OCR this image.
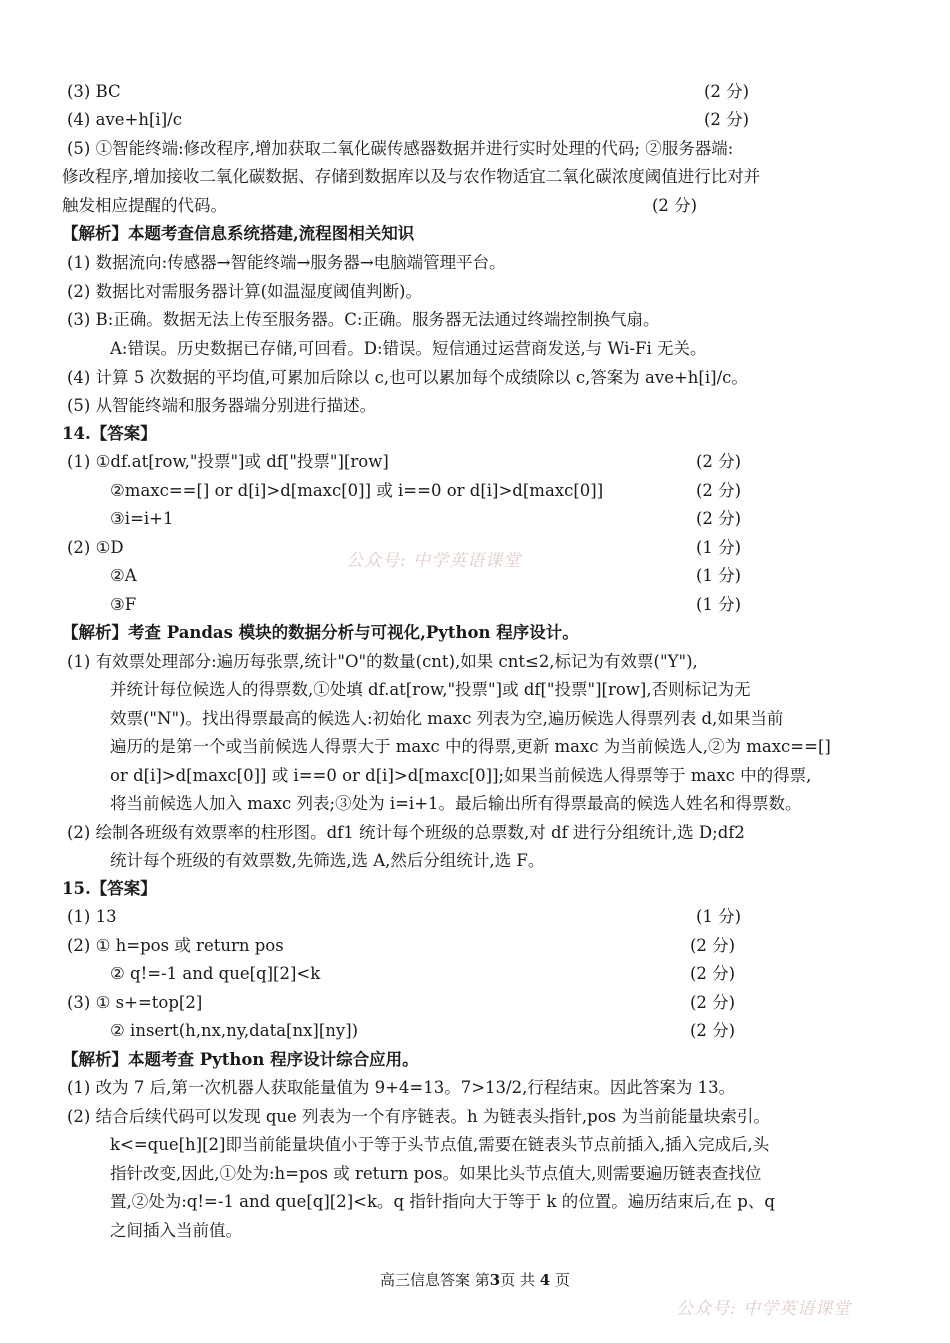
(3) BC	(2 分)
(4) ave+h[i]/c	(2 分)
(5) ①智能终端:修改程序,增加获取二氧化碳传感器数据并进行实时处理的代码; ②服务器端:
修改程序,增加接收二氧化碳数据、存储到数据库以及与农作物适宜二氧化碳浓度阈值进行比对并
触发相应提醒的代码。	(2 分)
【解析】本题考查信息系统搭建,流程图相关知识
(1) 数据流向:传感器→智能终端→服务器→电脑端管理平台。
(2) 数据比对需服务器计算(如温湿度阈值判断)。
(3) B:正确。数据无法上传至服务器。C:正确。服务器无法通过终端控制换气扇。
A:错误。历史数据已存储,可回看。D:错误。短信通过运营商发送,与 Wi-Fi 无关。
(4) 计算 5 次数据的平均值,可累加后除以 c,也可以累加每个成绩除以 c,答案为 ave+h[i]/c。
(5) 从智能终端和服务器端分别进行描述。
14.【答案】
(1) ①df.at[row,"投票"]或 df["投票"][row]	(2 分)
②maxc==[] or d[i]>d[maxc[0]] 或 i==0 or d[i]>d[maxc[0]]	(2 分)
③i=i+1	(2 分)
(2) ①D	(1 分)
②A	(1 分)
③F	(1 分)
【解析】考查 Pandas 模块的数据分析与可视化,Python 程序设计。
(1) 有效票处理部分:遍历每张票,统计"O"的数量(cnt),如果 cnt≤2,标记为有效票("Y"),
并统计每位候选人的得票数,①处填 df.at[row,"投票"]或 df["投票"][row],否则标记为无
效票("N")。找出得票最高的候选人:初始化 maxc 列表为空,遍历候选人得票列表 d,如果当前
遍历的是第一个或当前候选人得票大于 maxc 中的得票,更新 maxc 为当前候选人,②为 maxc==[]
or d[i]>d[maxc[0]] 或 i==0 or d[i]>d[maxc[0]];如果当前候选人得票等于 maxc 中的得票,
将当前候选人加入 maxc 列表;③处为 i=i+1。最后输出所有得票最高的候选人姓名和得票数。
(2) 绘制各班级有效票率的柱形图。df1 统计每个班级的总票数,对 df 进行分组统计,选 D;df2
统计每个班级的有效票数,先筛选,选 A,然后分组统计,选 F。
15.【答案】
(1) 13	(1 分)
(2) ① h=pos 或 return pos	(2 分)
② q!=-1 and que[q][2]<k	(2 分)
(3) ① s+=top[2]	(2 分)
② insert(h,nx,ny,data[nx][ny])	(2 分)
【解析】本题考查 Python 程序设计综合应用。
(1) 改为 7 后,第一次机器人获取能量值为 9+4=13。7>13/2,行程结束。因此答案为 13。
(2) 结合后续代码可以发现 que 列表为一个有序链表。h 为链表头指针,pos 为当前能量块索引。
k<=que[h][2]即当前能量块值小于等于头节点值,需要在链表头节点前插入,插入完成后,头
指针改变,因此,①处为:h=pos 或 return pos。如果比头节点值大,则需要遍历链表查找位
置,②处为:q!=-1 and que[q][2]<k。q 指针指向大于等于 k 的位置。遍历结束后,在 p、q
之间插入当前值。
公众号: 中学英语课堂
公众号: 中学英语课堂
高三信息答案 第3页 共 4 页
